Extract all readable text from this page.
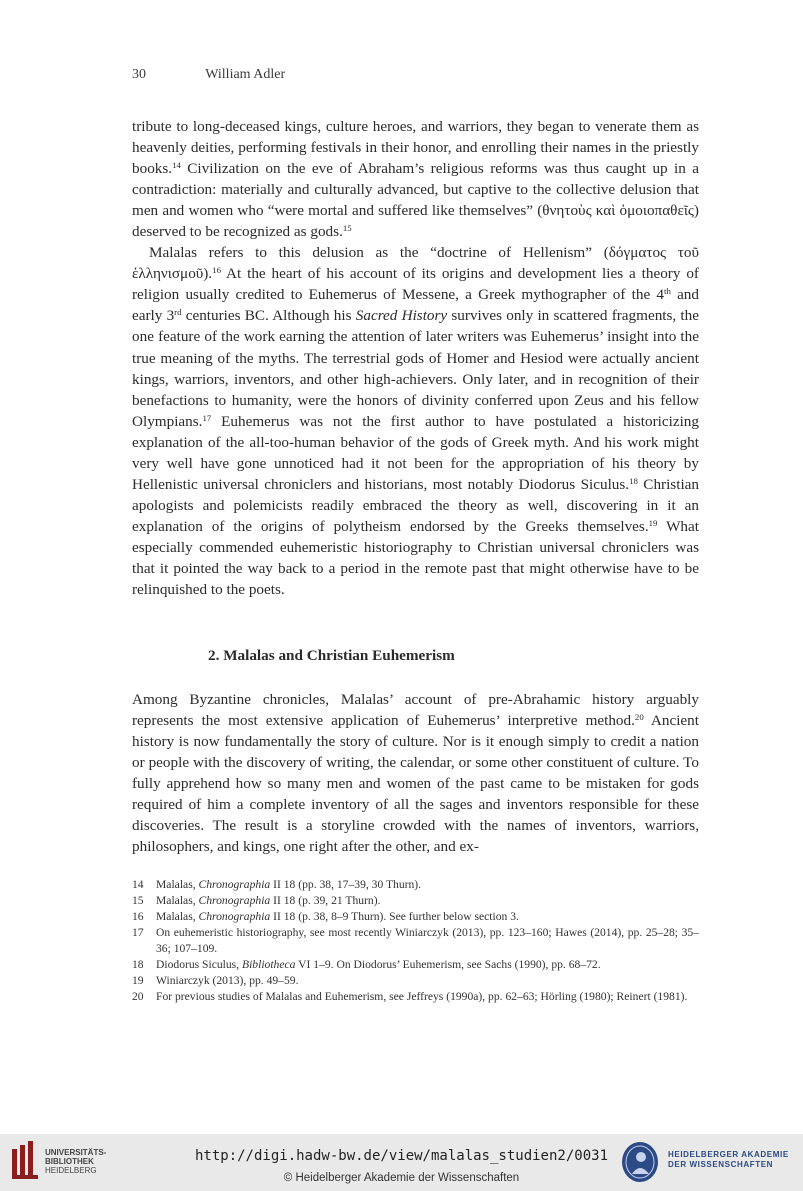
30	William Adler

tribute to long-deceased kings, culture heroes, and warriors, they began to venerate them as heavenly deities, performing festivals in their honor, and enrolling their names in the priestly books.$^{14}$ Civilization on the eve of Abraham’s religious reforms was thus caught up in a contradiction: materially and culturally advanced, but captive to the collective delusion that men and women who “were mortal and suffered like themselves” (θνητοὺς καὶ ὁμοιοπαθεῖς) deserved to be recognized as gods.$^{15}$

Malalas refers to this delusion as the “doctrine of Hellenism” (δόγματος τοῦ ἑλληνισμοῦ).$^{16}$ At the heart of his account of its origins and development lies a theory of religion usually credited to Euhemerus of Messene, a Greek mythographer of the 4th and early 3rd centuries BC. Although his Sacred History survives only in scattered fragments, the one feature of the work earning the attention of later writers was Euhemerus’ insight into the true meaning of the myths. The terrestrial gods of Homer and Hesiod were actually ancient kings, warriors, inventors, and other high-achievers. Only later, and in recognition of their benefactions to humanity, were the honors of divinity conferred upon Zeus and his fellow Olympians.$^{17}$ Euhemerus was not the first author to have postulated a historicizing explanation of the all-too-human behavior of the gods of Greek myth. And his work might very well have gone unnoticed had it not been for the appropriation of his theory by Hellenistic universal chroniclers and historians, most notably Diodorus Siculus.$^{18}$ Christian apologists and polemicists readily embraced the theory as well, discovering in it an explanation of the origins of polytheism endorsed by the Greeks themselves.$^{19}$ What especially commended euhemeristic historiography to Christian universal chroniclers was that it pointed the way back to a period in the remote past that might otherwise have to be relinquished to the poets.

2. Malalas and Christian Euhemerism

Among Byzantine chronicles, Malalas’ account of pre-Abrahamic history arguably represents the most extensive application of Euhemerus’ interpretive method.$^{20}$ Ancient history is now fundamentally the story of culture. Nor is it enough simply to credit a nation or people with the discovery of writing, the calendar, or some other constituent of culture. To fully apprehend how so many men and women of the past came to be mistaken for gods required of him a complete inventory of all the sages and inventors responsible for these discoveries. The result is a storyline crowded with the names of inventors, warriors, philosophers, and kings, one right after the other, and ex-

14	Malalas, Chronographia II 18 (pp. 38, 17–39, 30 Thurn).
15	Malalas, Chronographia II 18 (p. 39, 21 Thurn).
16	Malalas, Chronographia II 18 (p. 38, 8–9 Thurn). See further below section 3.
17	On euhemeristic historiography, see most recently Winiarczyk (2013), pp. 123–160; Hawes (2014), pp. 25–28; 35–36; 107–109.
18	Diodorus Siculus, Bibliotheca VI 1–9. On Diodorus’ Euhemerism, see Sachs (1990), pp. 68–72.
19	Winiarczyk (2013), pp. 49–59.
20	For previous studies of Malalas and Euhemerism, see Jeffreys (1990a), pp. 62–63; Hörling (1980); Reinert (1981).
UNIVERSITÄTS-
BIBLIOTHEK
HEIDELBERG
http://digi.hadw-bw.de/view/malalas_studien2/0031
© Heidelberger Akademie der Wissenschaften
HEIDELBERGER AKADEMIE
DER WISSENSCHAFTEN
